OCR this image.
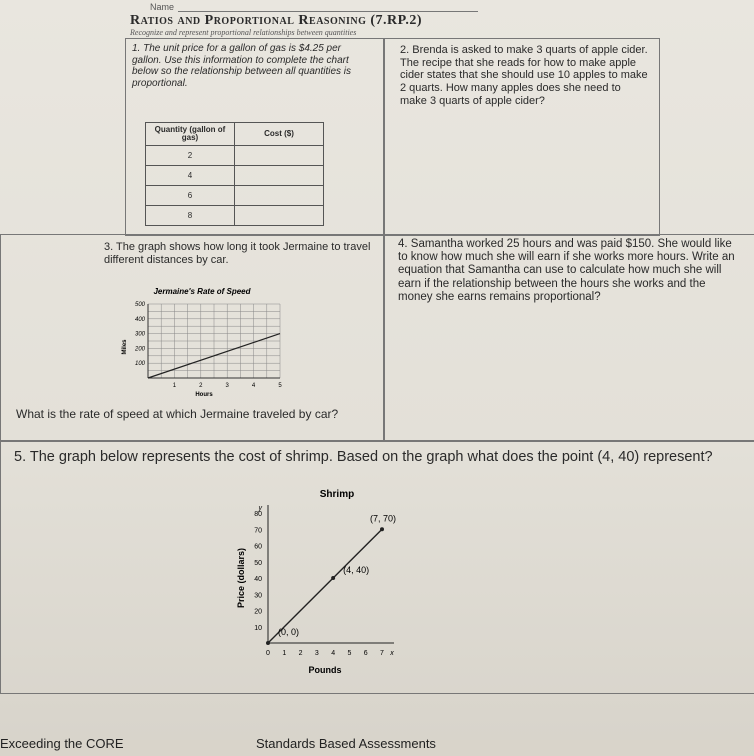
Name
Ratios and Proportional Reasoning (7.RP.2)
Recognize and represent proportional relationships between quantities
1. The unit price for a gallon of gas is $4.25 per gallon. Use this information to complete the chart below so the relationship between all quantities is proportional.
Quantity (gallon of gas)	Cost ($)
2	
4	
6	
8	
2. Brenda is asked to make 3 quarts of apple cider. The recipe that she reads for how to make apple cider states that she should use 10 apples to make 2 quarts. How many apples does she need to make 3 quarts of apple cider?
3. The graph shows how long it took Jermaine to travel different distances by car.
Jermaine's Rate of Speed
1	2	3	4	5
100
200
300
400
500
Hours
Miles
What is the rate of speed at which Jermaine traveled by car?
4. Samantha worked 25 hours and was paid $150. She would like to know how much she will earn if she works more hours. Write an equation that Samantha can use to calculate how much she will earn if the relationship between the hours she works and the money she earns remains proportional?
5. The graph below represents the cost of shrimp. Based on the graph what does the point (4, 40) represent?
Shrimp
0 1 2 3 4 5 6 7 x
10
20
30
40
50
60
70
80
y
Pounds
Price (dollars)
(0, 0)
(4, 40)
(7, 70)
Exceeding the CORE	Standards Based Assessments
